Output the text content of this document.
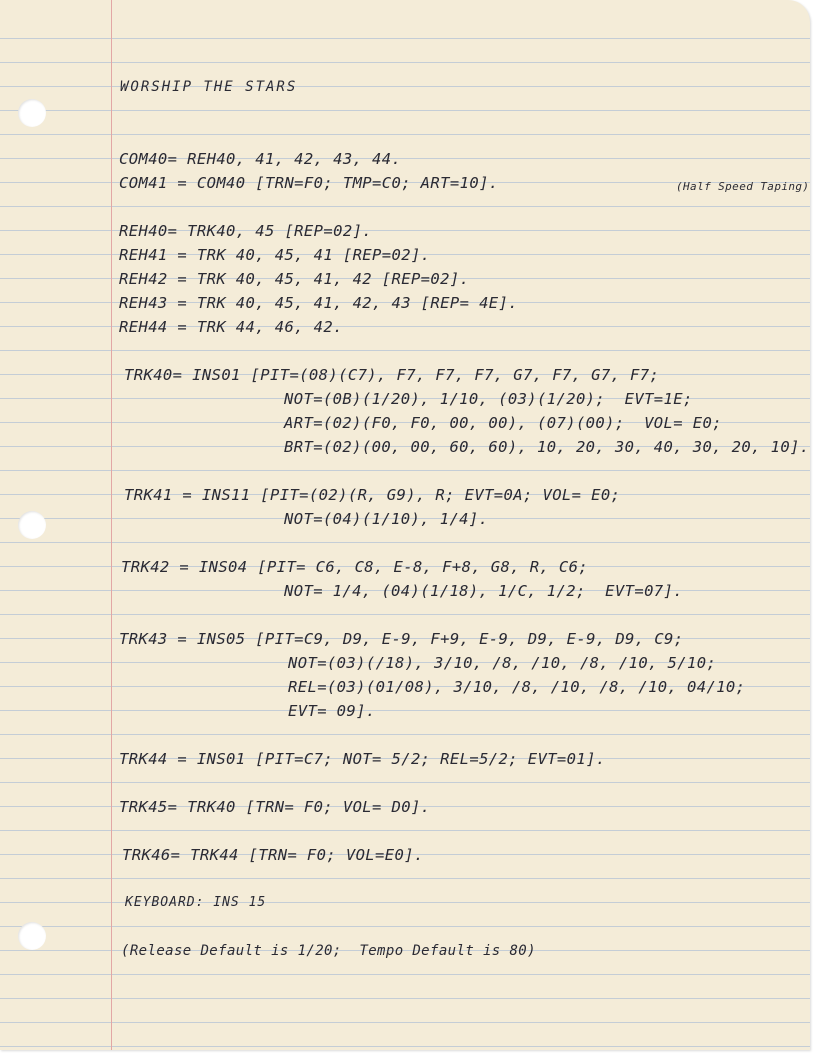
WORSHIP THE STARS

COM40= REH40, 41, 42, 43, 44.

COM41 = COM40 [TRN=F0; TMP=C0; ART=10].	(Half Speed Taping)

REH40= TRK40, 45 [REP=02].

REH41 = TRK 40, 45, 41 [REP=02].

REH42 = TRK 40, 45, 41, 42 [REP=02].

REH43 = TRK 40, 45, 41, 42, 43 [REP= 4E].

REH44 = TRK 44, 46, 42.

TRK40= INS01 [PIT=(08)(C7), F7, F7, F7, G7, F7, G7, F7;

NOT=(0B)(1/20), 1/10, (03)(1/20);  EVT=1E;

ART=(02)(F0, F0, 00, 00), (07)(00);  VOL= E0;

BRT=(02)(00, 00, 60, 60), 10, 20, 30, 40, 30, 20, 10].

TRK41 = INS11 [PIT=(02)(R, G9), R; EVT=0A; VOL= E0;

NOT=(04)(1/10), 1/4].

TRK42 = INS04 [PIT= C6, C8, E-8, F+8, G8, R, C6;

NOT= 1/4, (04)(1/18), 1/C, 1/2;  EVT=07].

TRK43 = INS05 [PIT=C9, D9, E-9, F+9, E-9, D9, E-9, D9, C9;

NOT=(03)(/18), 3/10, /8, /10, /8, /10, 5/10;

REL=(03)(01/08), 3/10, /8, /10, /8, /10, 04/10;

EVT= 09].

TRK44 = INS01 [PIT=C7; NOT= 5/2; REL=5/2; EVT=01].

TRK45= TRK40 [TRN= F0; VOL= D0].

TRK46= TRK44 [TRN= F0; VOL=E0].

KEYBOARD: INS 15

(Release Default is 1/20;  Tempo Default is 80)
